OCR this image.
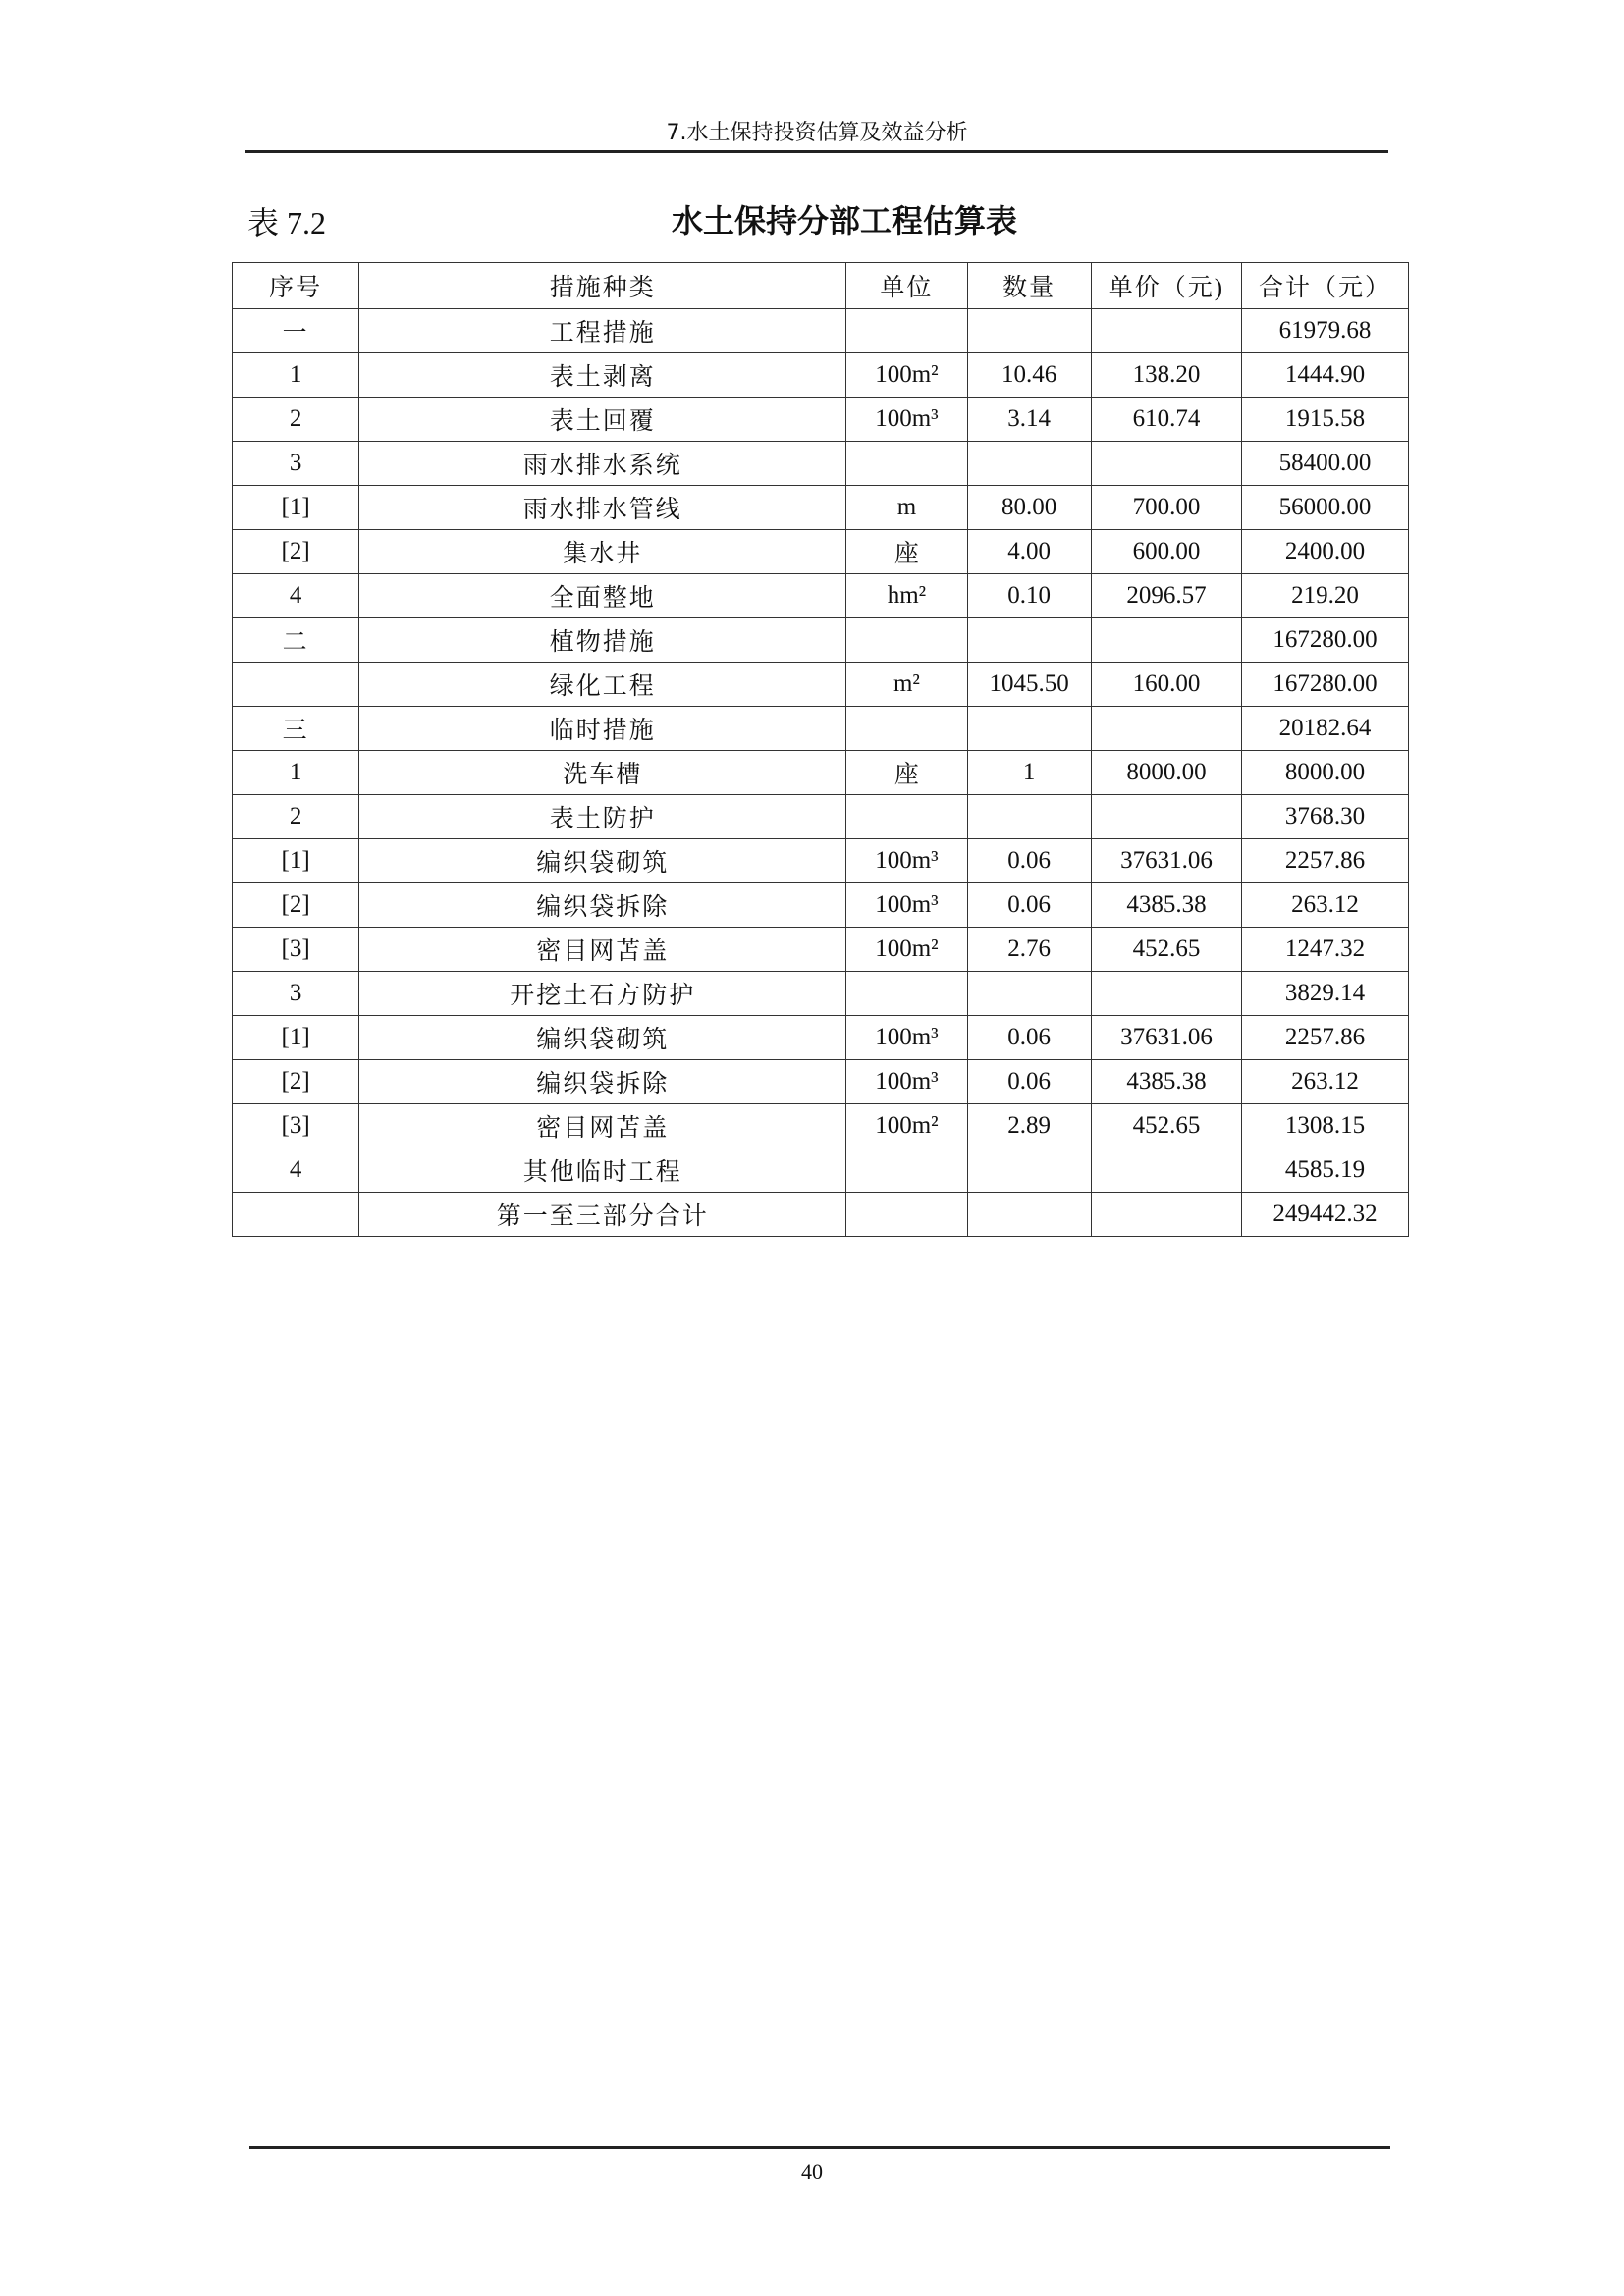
7.水土保持投资估算及效益分析
表 7.2	水土保持分部工程估算表
序号	措施种类	单位	数量	单价（元)	合计（元）
一	工程措施				61979.68
1	表土剥离	100m²	10.46	138.20	1444.90
2	表土回覆	100m³	3.14	610.74	1915.58
3	雨水排水系统				58400.00
[1]	雨水排水管线	m	80.00	700.00	56000.00
[2]	集水井	座	4.00	600.00	2400.00
4	全面整地	hm²	0.10	2096.57	219.20
二	植物措施				167280.00
	绿化工程	m²	1045.50	160.00	167280.00
三	临时措施				20182.64
1	洗车槽	座	1	8000.00	8000.00
2	表土防护				3768.30
[1]	编织袋砌筑	100m³	0.06	37631.06	2257.86
[2]	编织袋拆除	100m³	0.06	4385.38	263.12
[3]	密目网苫盖	100m²	2.76	452.65	1247.32
3	开挖土石方防护				3829.14
[1]	编织袋砌筑	100m³	0.06	37631.06	2257.86
[2]	编织袋拆除	100m³	0.06	4385.38	263.12
[3]	密目网苫盖	100m²	2.89	452.65	1308.15
4	其他临时工程				4585.19
	第一至三部分合计				249442.32
40
